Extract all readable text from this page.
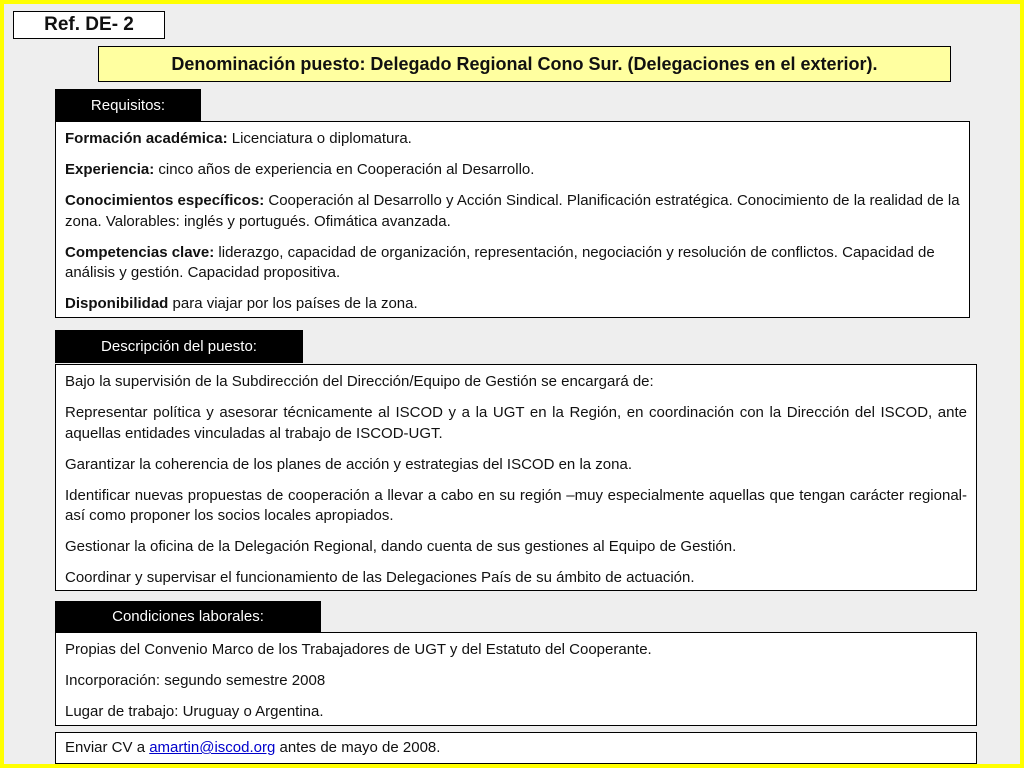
Ref. DE- 2
Denominación puesto: Delegado Regional Cono Sur. (Delegaciones en el exterior).
Requisitos:

Formación académica: Licenciatura o diplomatura.

Experiencia: cinco años de experiencia en Cooperación al Desarrollo.

Conocimientos específicos: Cooperación al Desarrollo y Acción Sindical. Planificación estratégica. Conocimiento de la realidad de la zona. Valorables: inglés y portugués. Ofimática avanzada.

Competencias clave: liderazgo, capacidad de organización, representación, negociación y resolución de conflictos. Capacidad de análisis y gestión. Capacidad propositiva.

Disponibilidad para viajar por los países de la zona.

Descripción del puesto:

Bajo la supervisión de la Subdirección del Dirección/Equipo de Gestión se encargará de:

Representar política y asesorar técnicamente al ISCOD y a la UGT en la Región, en coordinación con la Dirección del ISCOD, ante aquellas entidades vinculadas al trabajo de ISCOD-UGT.

Garantizar la coherencia de los planes de acción y estrategias del ISCOD en la zona.

Identificar nuevas propuestas de cooperación a llevar a cabo en su región –muy especialmente aquellas que tengan carácter regional- así como proponer los socios locales apropiados.

Gestionar la oficina de la Delegación Regional, dando cuenta de sus gestiones al Equipo de Gestión.

Coordinar y supervisar el funcionamiento de las Delegaciones País de su ámbito de actuación.

Condiciones laborales:

Propias del Convenio Marco de los Trabajadores de UGT y del Estatuto del Cooperante.

Incorporación: segundo semestre 2008

Lugar de trabajo: Uruguay o Argentina.

Enviar CV a amartin@iscod.org antes de mayo de 2008.
